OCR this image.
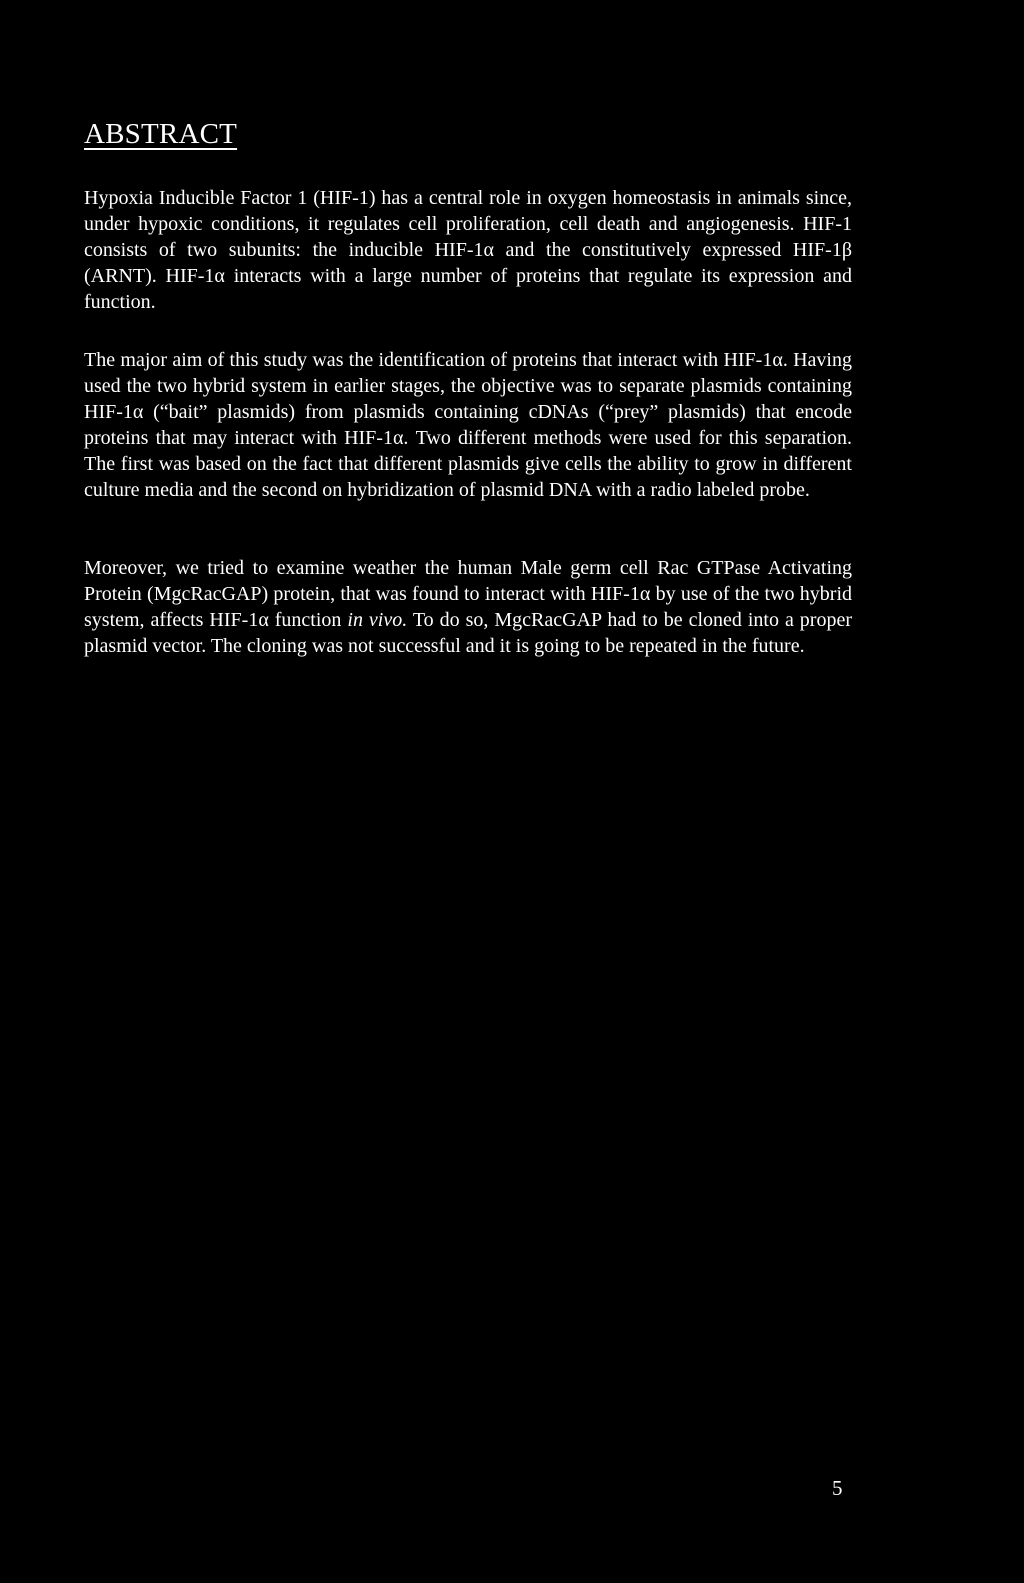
ABSTRACT

Hypoxia Inducible Factor 1 (HIF-1) has a central role in oxygen homeostasis in animals since, under hypoxic conditions, it regulates cell proliferation, cell death and angiogenesis. HIF-1 consists of two subunits: the inducible HIF-1α and the constitutively expressed HIF-1β (ARNT). HIF-1α interacts with a large number of proteins that regulate its expression and function.

The major aim of this study was the identification of proteins that interact with HIF-1α. Having used the two hybrid system in earlier stages, the objective was to separate plasmids containing HIF-1α (“bait” plasmids) from plasmids containing cDNAs (“prey” plasmids) that encode proteins that may interact with HIF-1α. Two different methods were used for this separation. The first was based on the fact that different plasmids give cells the ability to grow in different culture media and the second on hybridization of plasmid DNA with a radio labeled probe.

Moreover, we tried to examine weather the human Male germ cell Rac GTPase Activating Protein (MgcRacGAP) protein, that was found to interact with HIF-1α by use of the two hybrid system, affects HIF-1α function in vivo. To do so, MgcRacGAP had to be cloned into a proper plasmid vector. The cloning was not successful and it is going to be repeated in the future.

5
